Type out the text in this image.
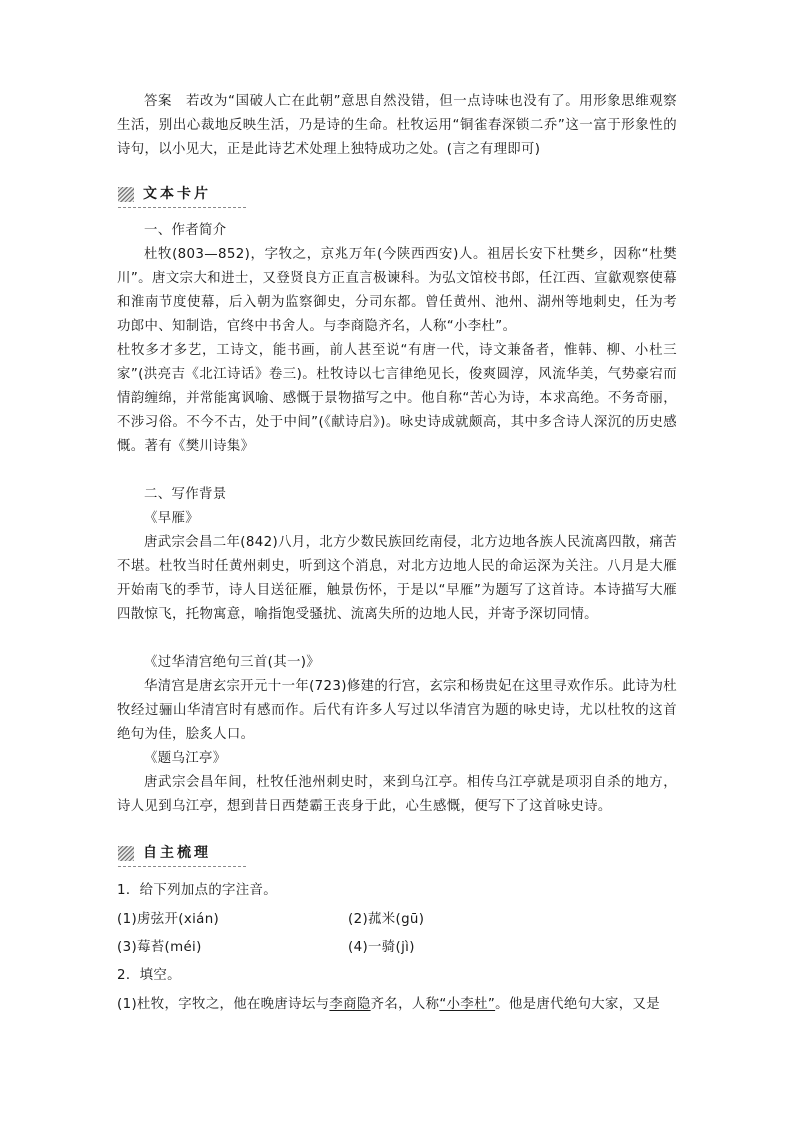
答案　 若改为“国破人亡在此朝”意思自然没错，但一点诗味也没有了。用形象思维观察生活，别出心裁地反映生活，乃是诗的生命。杜牧运用“铜雀春深锁二乔”这一富于形象性的诗句，以小见大，正是此诗艺术处理上独特成功之处。(言之有理即可)

文本卡片

一、作者简介

杜牧(803—852)，字牧之，京兆万年(今陕西西安)人。祖居长安下杜樊乡，因称“杜樊川”。唐文宗大和进士，又登贤良方正直言极谏科。为弘文馆校书郎，任江西、宣歙观察使幕和淮南节度使幕，后入朝为监察御史，分司东都。曾任黄州、池州、湖州等地刺史，任为考功郎中、知制诰，官终中书舍人。与李商隐齐名，人称“小李杜”。

杜牧多才多艺，工诗文，能书画，前人甚至说“有唐一代，诗文兼备者，惟韩、柳、小杜三家”(洪亮吉《北江诗话》卷三)。杜牧诗以七言律绝见长，俊爽圆淳，风流华美，气势豪宕而情韵缠绵，并常能寓讽喻、感慨于景物描写之中。他自称“苦心为诗，本求高绝。不务奇丽，不涉习俗。不今不古，处于中间”(《献诗启》)。咏史诗成就颇高，其中多含诗人深沉的历史感慨。著有《樊川诗集》

二、写作背景

《早雁》

唐武宗会昌二年(842)八月，北方少数民族回纥南侵，北方边地各族人民流离四散，痛苦不堪。杜牧当时任黄州刺史，听到这个消息，对北方边地人民的命运深为关注。八月是大雁开始南飞的季节，诗人目送征雁，触景伤怀，于是以“早雁”为题写了这首诗。本诗描写大雁四散惊飞，托物寓意，喻指饱受骚扰、流离失所的边地人民，并寄予深切同情。

《过华清宫绝句三首(其一)》

华清宫是唐玄宗开元十一年(723)修建的行宫，玄宗和杨贵妃在这里寻欢作乐。此诗为杜牧经过骊山华清宫时有感而作。后代有许多人写过以华清宫为题的咏史诗，尤以杜牧的这首绝句为佳，脍炙人口。

《题乌江亭》

唐武宗会昌年间，杜牧任池州刺史时，来到乌江亭。相传乌江亭就是项羽自杀的地方，诗人见到乌江亭，想到昔日西楚霸王丧身于此，心生感慨，便写下了这首咏史诗。

自主梳理
1．给下列加点的字注音。
(1)虏弦开(xián)	(2)菰米(gū)
(3)莓苔(méi)	(4)一骑(jì)
2．填空。
(1)杜牧，字牧之，他在晚唐诗坛与李商隐齐名，人称“小李杜”。他是唐代绝句大家，又是
